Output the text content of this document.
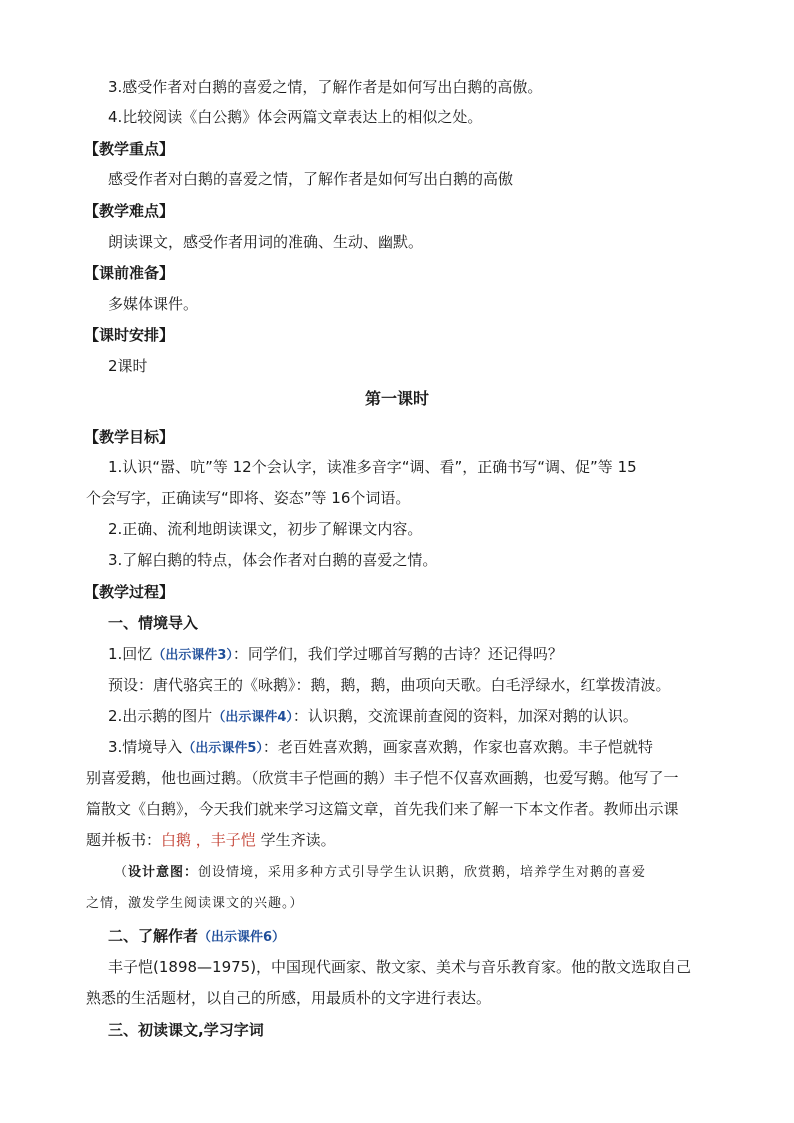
3.感受作者对白鹅的喜爱之情，了解作者是如何写出白鹅的高傲。
4.比较阅读《白公鹅》体会两篇文章表达上的相似之处。
【教学重点】
感受作者对白鹅的喜爱之情，了解作者是如何写出白鹅的高傲
【教学难点】
朗读课文，感受作者用词的准确、生动、幽默。
【课前准备】
多媒体课件。
【课时安排】
2课时
第一课时
【教学目标】
1.认识“嚣、吭”等 12个会认字，读准多音字“调、看”，正确书写“调、促”等 15
个会写字，正确读写“即将、姿态”等 16个词语。
2.正确、流利地朗读课文，初步了解课文内容。
3.了解白鹅的特点，体会作者对白鹅的喜爱之情。
【教学过程】
一、情境导入
1.回忆（出示课件3）：同学们，我们学过哪首写鹅的古诗？还记得吗？
预设：唐代骆宾王的《咏鹅》：鹅，鹅，鹅，曲项向天歌。白毛浮绿水，红掌拨清波。
2.出示鹅的图片（出示课件4）：认识鹅，交流课前查阅的资料，加深对鹅的认识。
3.情境导入（出示课件5）：老百姓喜欢鹅，画家喜欢鹅，作家也喜欢鹅。丰子恺就特
别喜爱鹅，他也画过鹅。（欣赏丰子恺画的鹅）丰子恺不仅喜欢画鹅，也爱写鹅。他写了一
篇散文《白鹅》，今天我们就来学习这篇文章，首先我们来了解一下本文作者。教师出示课
题并板书：白鹅 ，丰子恺 学生齐读。
（设计意图：创设情境，采用多种方式引导学生认识鹅，欣赏鹅，培养学生对鹅的喜爱
之情，激发学生阅读课文的兴趣。）
二、了解作者（出示课件6）
丰子恺(1898—1975)，中国现代画家、散文家、美术与音乐教育家。他的散文选取自己
熟悉的生活题材，以自己的所感，用最质朴的文字进行表达。
三、初读课文,学习字词
